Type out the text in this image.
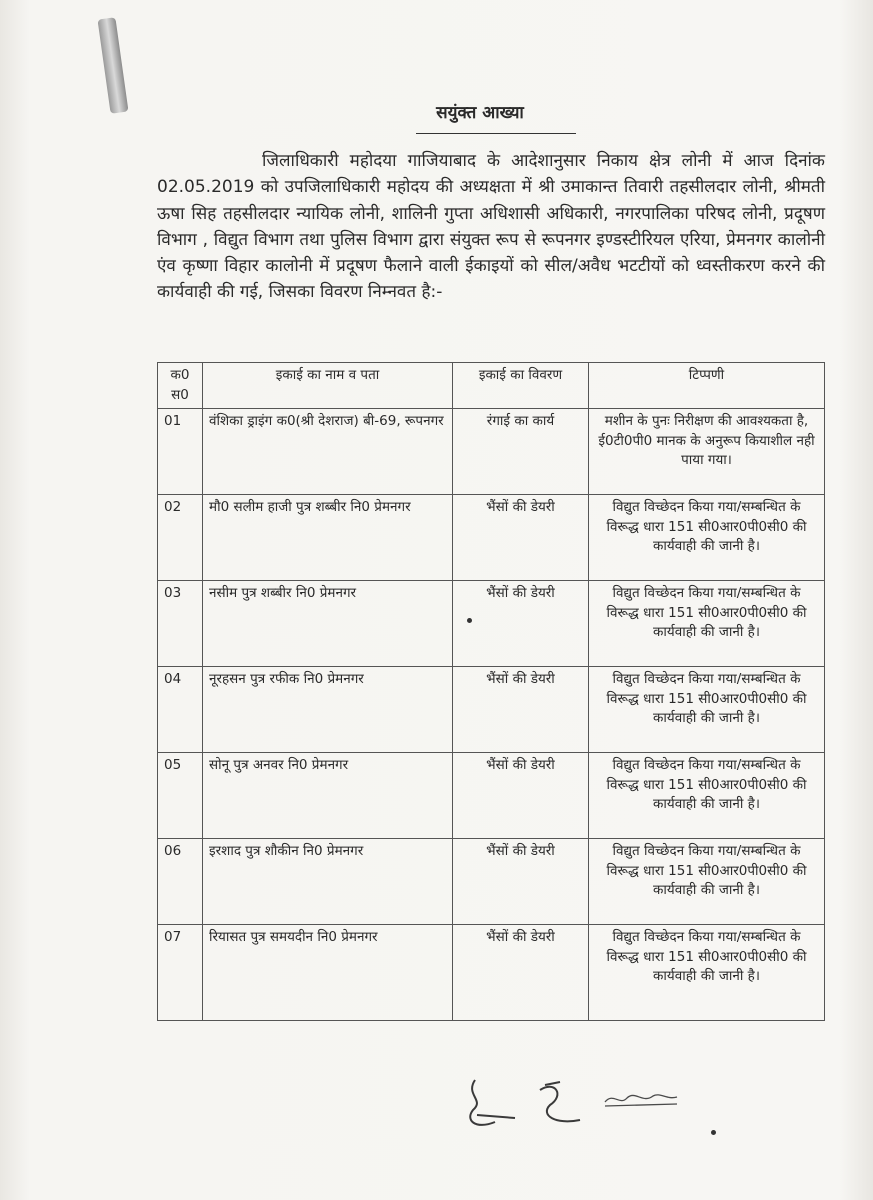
सयुंक्त आख्या

जिलाधिकारी महोदया गाजियाबाद के आदेशानुसार निकाय क्षेत्र लोनी में आज दिनांक 02.05.2019 को उपजिलाधिकारी महोदय की अध्यक्षता में श्री उमाकान्त तिवारी तहसीलदार लोनी, श्रीमती ऊषा सिह तहसीलदार न्यायिक लोनी, शालिनी गुप्ता अधिशासी अधिकारी, नगरपालिका परिषद लोनी, प्रदूषण विभाग , विद्युत विभाग तथा पुलिस विभाग द्वारा संयुक्त रूप से रूपनगर इण्डस्टीरियल एरिया, प्रेमनगर कालोनी एंव कृष्णा विहार कालोनी में प्रदूषण फैलाने वाली ईकाइयों को सील/अवैध भटटीयों को ध्वस्तीकरण करने की कार्यवाही की गई, जिसका विवरण निम्नवत है:-

क0 स0	इकाई का नाम व पता	इकाई का विवरण	टिप्पणी
01	वंशिका ड्राइंग क0(श्री देशराज) बी-69, रूपनगर	रंगाई का कार्य	मशीन के पुनः निरीक्षण की आवश्यकता है, ई0टी0पी0 मानक के अनुरूप कियाशील नही पाया गया।
02	मौ0 सलीम हाजी पुत्र शब्बीर नि0 प्रेमनगर	भैंसों की डेयरी	विद्युत विच्छेदन किया गया/सम्बन्धित के विरूद्ध धारा 151 सी0आर0पी0सी0 की कार्यवाही की जानी है।
03	नसीम पुत्र शब्बीर नि0 प्रेमनगर	भैंसों की डेयरी	विद्युत विच्छेदन किया गया/सम्बन्धित के विरूद्ध धारा 151 सी0आर0पी0सी0 की कार्यवाही की जानी है।
04	नूरहसन पुत्र रफीक नि0 प्रेमनगर	भैंसों की डेयरी	विद्युत विच्छेदन किया गया/सम्बन्धित के विरूद्ध धारा 151 सी0आर0पी0सी0 की कार्यवाही की जानी है।
05	सोनू पुत्र अनवर नि0 प्रेमनगर	भैंसों की डेयरी	विद्युत विच्छेदन किया गया/सम्बन्धित के विरूद्ध धारा 151 सी0आर0पी0सी0 की कार्यवाही की जानी है।
06	इरशाद पुत्र शौकीन नि0 प्रेमनगर	भैंसों की डेयरी	विद्युत विच्छेदन किया गया/सम्बन्धित के विरूद्ध धारा 151 सी0आर0पी0सी0 की कार्यवाही की जानी है।
07	रियासत पुत्र समयदीन नि0 प्रेमनगर	भैंसों की डेयरी	विद्युत विच्छेदन किया गया/सम्बन्धित के विरूद्ध धारा 151 सी0आर0पी0सी0 की कार्यवाही की जानी है।
